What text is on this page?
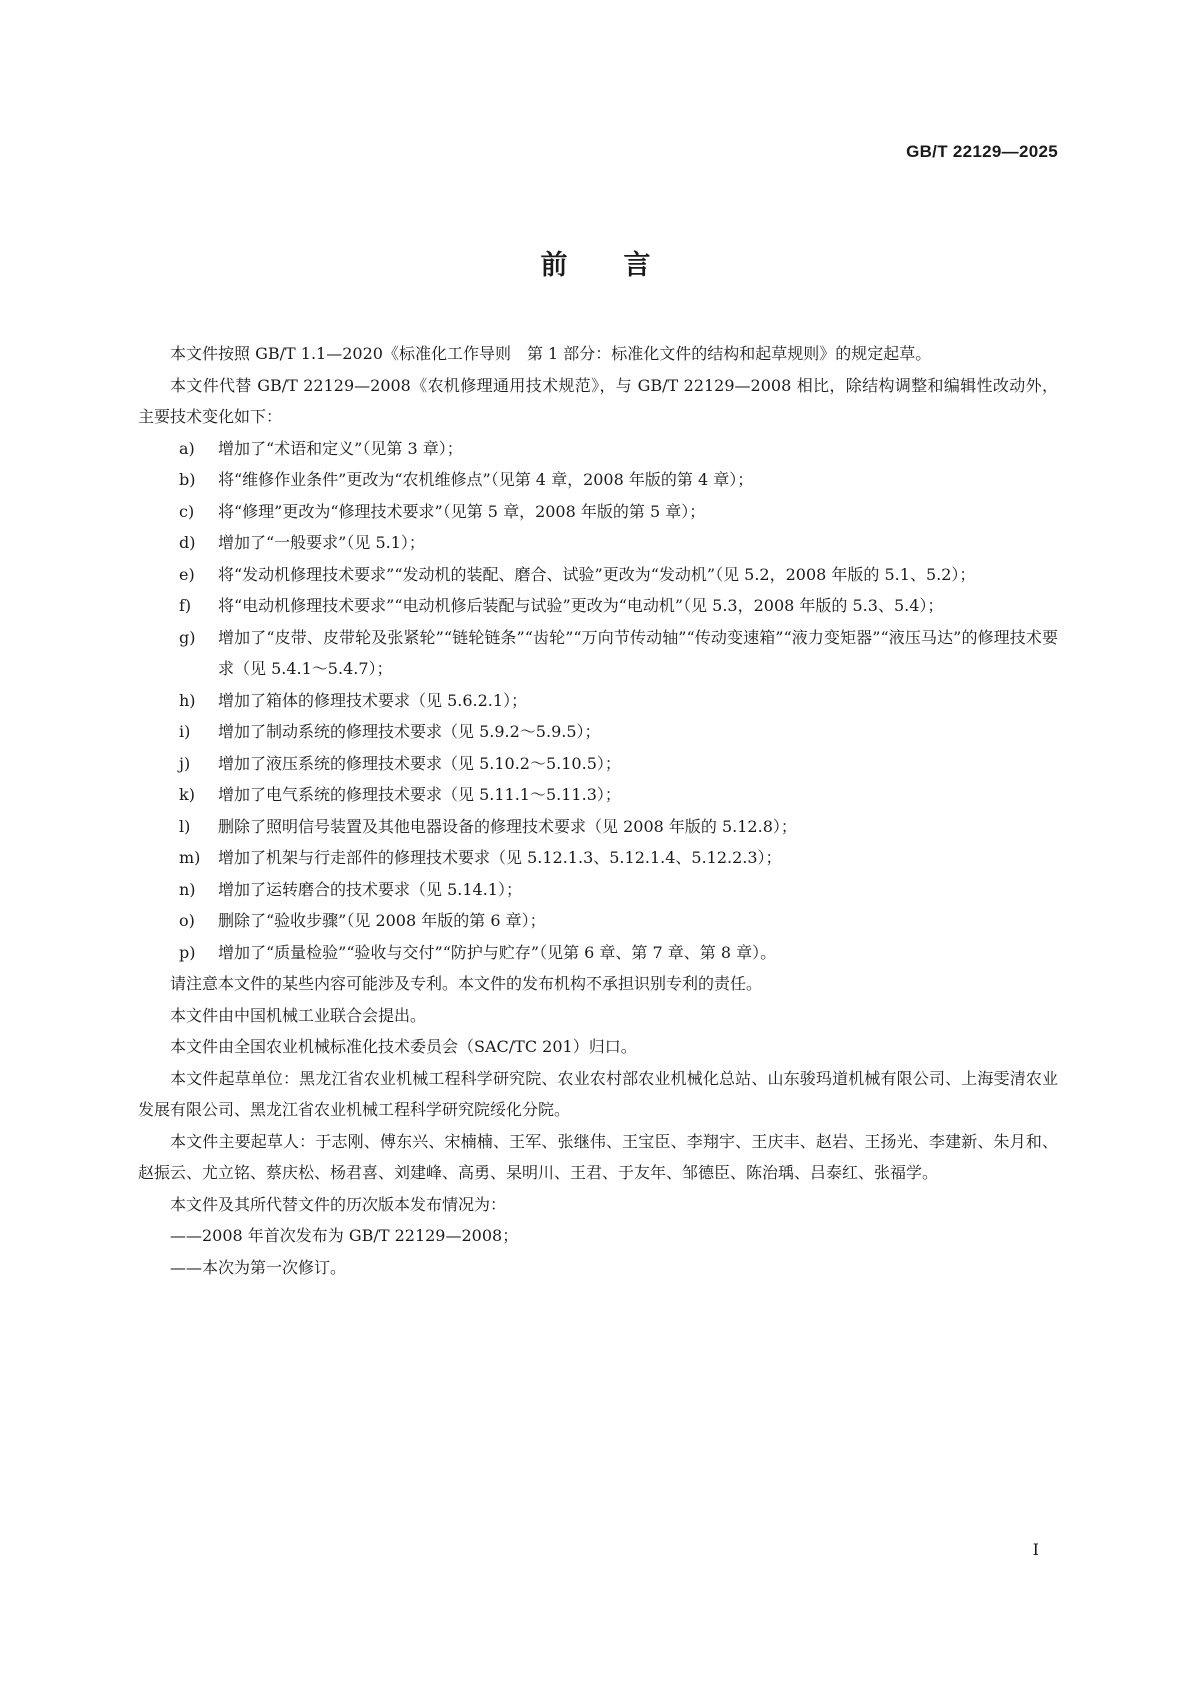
GB/T 22129—2025
前言

本文件按照 GB/T 1.1—2020《标准化工作导则　第 1 部分：标准化文件的结构和起草规则》的规定起草。

本文件代替 GB/T 22129—2008《农机修理通用技术规范》，与 GB/T 22129—2008 相比，除结构调整和编辑性改动外，主要技术变化如下：

a)	增加了“术语和定义”（见第 3 章）；

b)	将“维修作业条件”更改为“农机维修点”（见第 4 章，2008 年版的第 4 章）；

c)	将“修理”更改为“修理技术要求”（见第 5 章，2008 年版的第 5 章）；

d)	增加了“一般要求”（见 5.1）；

e)	将“发动机修理技术要求”“发动机的装配、磨合、试验”更改为“发动机”（见 5.2，2008 年版的 5.1、5.2）；

f)	将“电动机修理技术要求”“电动机修后装配与试验”更改为“电动机”（见 5.3，2008 年版的 5.3、5.4）；

g)	增加了“皮带、皮带轮及张紧轮”“链轮链条”“齿轮”“万向节传动轴”“传动变速箱”“液力变矩器”“液压马达”的修理技术要求（见 5.4.1～5.4.7）；

h)	增加了箱体的修理技术要求（见 5.6.2.1）；

i)	增加了制动系统的修理技术要求（见 5.9.2～5.9.5）；

j)	增加了液压系统的修理技术要求（见 5.10.2～5.10.5）；

k)	增加了电气系统的修理技术要求（见 5.11.1～5.11.3）；

l)	删除了照明信号装置及其他电器设备的修理技术要求（见 2008 年版的 5.12.8）；

m)	增加了机架与行走部件的修理技术要求（见 5.12.1.3、5.12.1.4、5.12.2.3）；

n)	增加了运转磨合的技术要求（见 5.14.1）；

o)	删除了“验收步骤”（见 2008 年版的第 6 章）；

p)	增加了“质量检验”“验收与交付”“防护与贮存”（见第 6 章、第 7 章、第 8 章）。

请注意本文件的某些内容可能涉及专利。本文件的发布机构不承担识别专利的责任。

本文件由中国机械工业联合会提出。

本文件由全国农业机械标准化技术委员会（SAC/TC 201）归口。

本文件起草单位：黑龙江省农业机械工程科学研究院、农业农村部农业机械化总站、山东骏玛道机械有限公司、上海雯清农业发展有限公司、黑龙江省农业机械工程科学研究院绥化分院。

本文件主要起草人：于志刚、傅东兴、宋楠楠、王军、张继伟、王宝臣、李翔宇、王庆丰、赵岩、王扬光、李建新、朱月和、赵振云、尤立铭、蔡庆松、杨君喜、刘建峰、高勇、杲明川、王君、于友年、邹德臣、陈治瑀、吕泰红、张福学。

本文件及其所代替文件的历次版本发布情况为：

——2008 年首次发布为 GB/T 22129—2008；

——本次为第一次修订。

I
